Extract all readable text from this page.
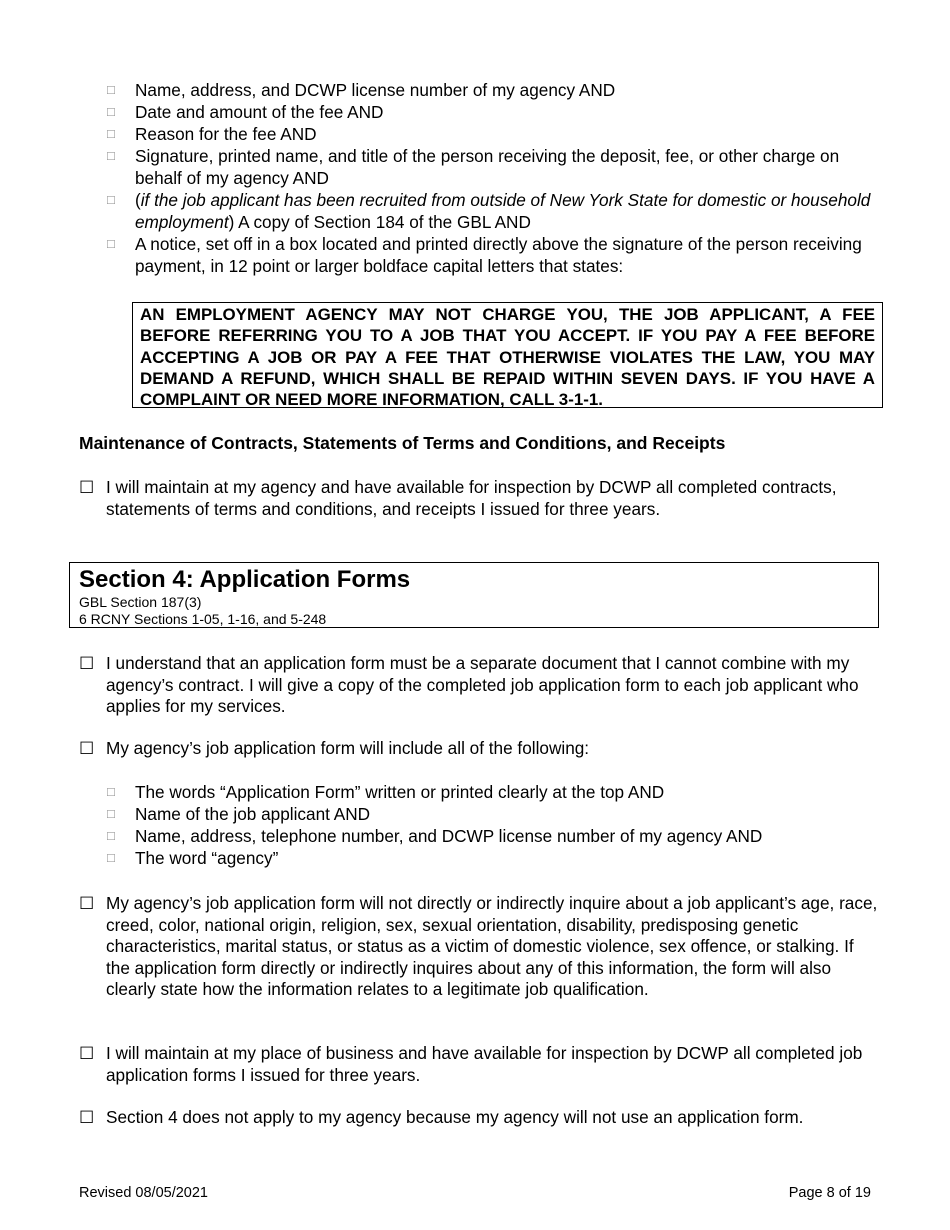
□	Name, address, and DCWP license number of my agency AND
□	Date and amount of the fee AND
□	Reason for the fee AND
□	Signature, printed name, and title of the person receiving the deposit, fee, or other charge on behalf of my agency AND
□	(if the job applicant has been recruited from outside of New York State for domestic or household employment) A copy of Section 184 of the GBL AND
□	A notice, set off in a box located and printed directly above the signature of the person receiving payment, in 12 point or larger boldface capital letters that states:
AN EMPLOYMENT AGENCY MAY NOT CHARGE YOU, THE JOB APPLICANT, A FEE BEFORE REFERRING YOU TO A JOB THAT YOU ACCEPT. IF YOU PAY A FEE BEFORE ACCEPTING A JOB OR PAY A FEE THAT OTHERWISE VIOLATES THE LAW, YOU MAY DEMAND A REFUND, WHICH SHALL BE REPAID WITHIN SEVEN DAYS. IF YOU HAVE A COMPLAINT OR NEED MORE INFORMATION, CALL 3-1-1.
Maintenance of Contracts, Statements of Terms and Conditions, and Receipts
☐ I will maintain at my agency and have available for inspection by DCWP all completed contracts, statements of terms and conditions, and receipts I issued for three years.
Section 4: Application Forms
GBL Section 187(3)
6 RCNY Sections 1-05, 1-16, and 5-248
☐ I understand that an application form must be a separate document that I cannot combine with my agency’s contract. I will give a copy of the completed job application form to each job applicant who applies for my services.
☐ My agency’s job application form will include all of the following:
□	The words “Application Form” written or printed clearly at the top AND
□	Name of the job applicant AND
□	Name, address, telephone number, and DCWP license number of my agency AND
□	The word “agency”
☐ My agency’s job application form will not directly or indirectly inquire about a job applicant’s age, race, creed, color, national origin, religion, sex, sexual orientation, disability, predisposing genetic characteristics, marital status, or status as a victim of domestic violence, sex offence, or stalking. If the application form directly or indirectly inquires about any of this information, the form will also clearly state how the information relates to a legitimate job qualification.
☐ I will maintain at my place of business and have available for inspection by DCWP all completed job application forms I issued for three years.
☐ Section 4 does not apply to my agency because my agency will not use an application form.
Revised 08/05/2021	Page 8 of 19
